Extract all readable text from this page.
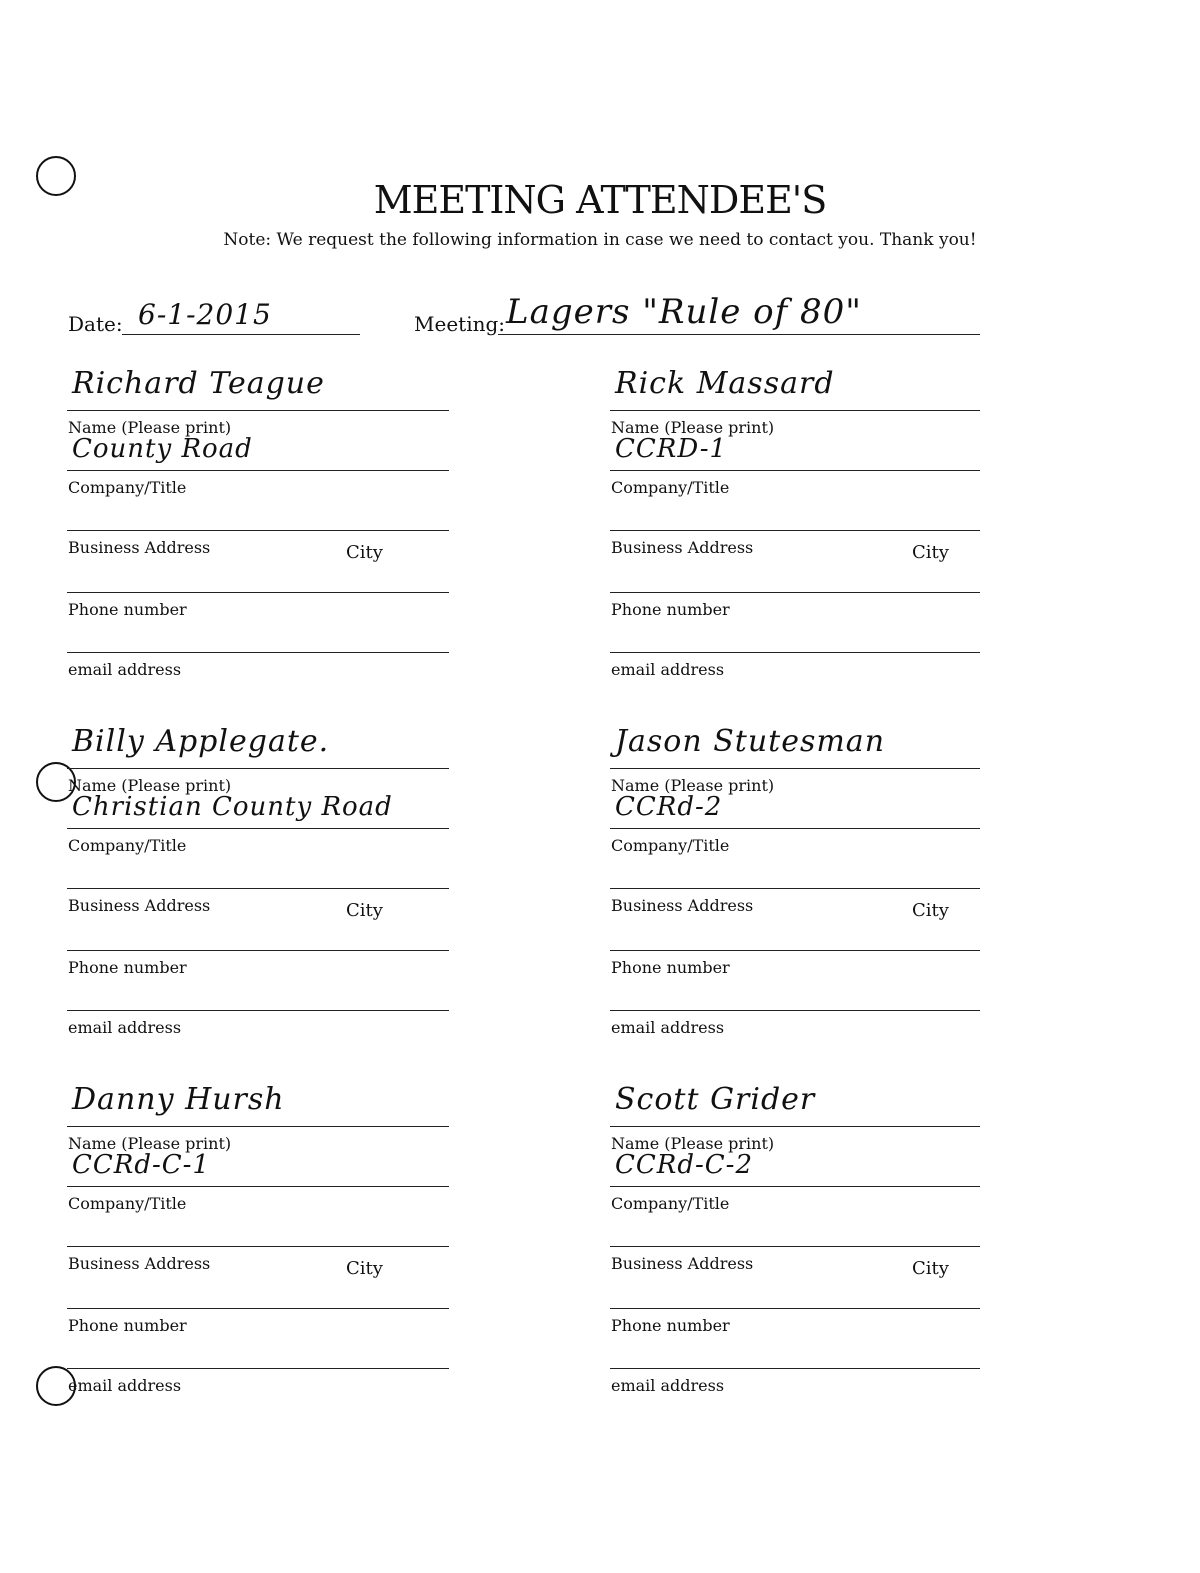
MEETING ATTENDEE'S
Note: We request the following information in case we need to contact you. Thank you!
Date: 6-1-2015	Meeting: Lagers "Rule of 80"
Richard Teague
Name (Please print)
County Road
Company/Title
Business Address	City
Phone number
email address
Rick Massard
Name (Please print)
CCRD-1
Company/Title
Business Address	City
Phone number
email address
Billy Applegate.
Name (Please print)
Christian County Road
Company/Title
Business Address	City
Phone number
email address
Jason Stutesman
Name (Please print)
CCRd-2
Company/Title
Business Address	City
Phone number
email address
Danny Hursh
Name (Please print)
CCRd-C-1
Company/Title
Business Address	City
Phone number
email address
Scott Grider
Name (Please print)
CCRd-C-2
Company/Title
Business Address	City
Phone number
email address
